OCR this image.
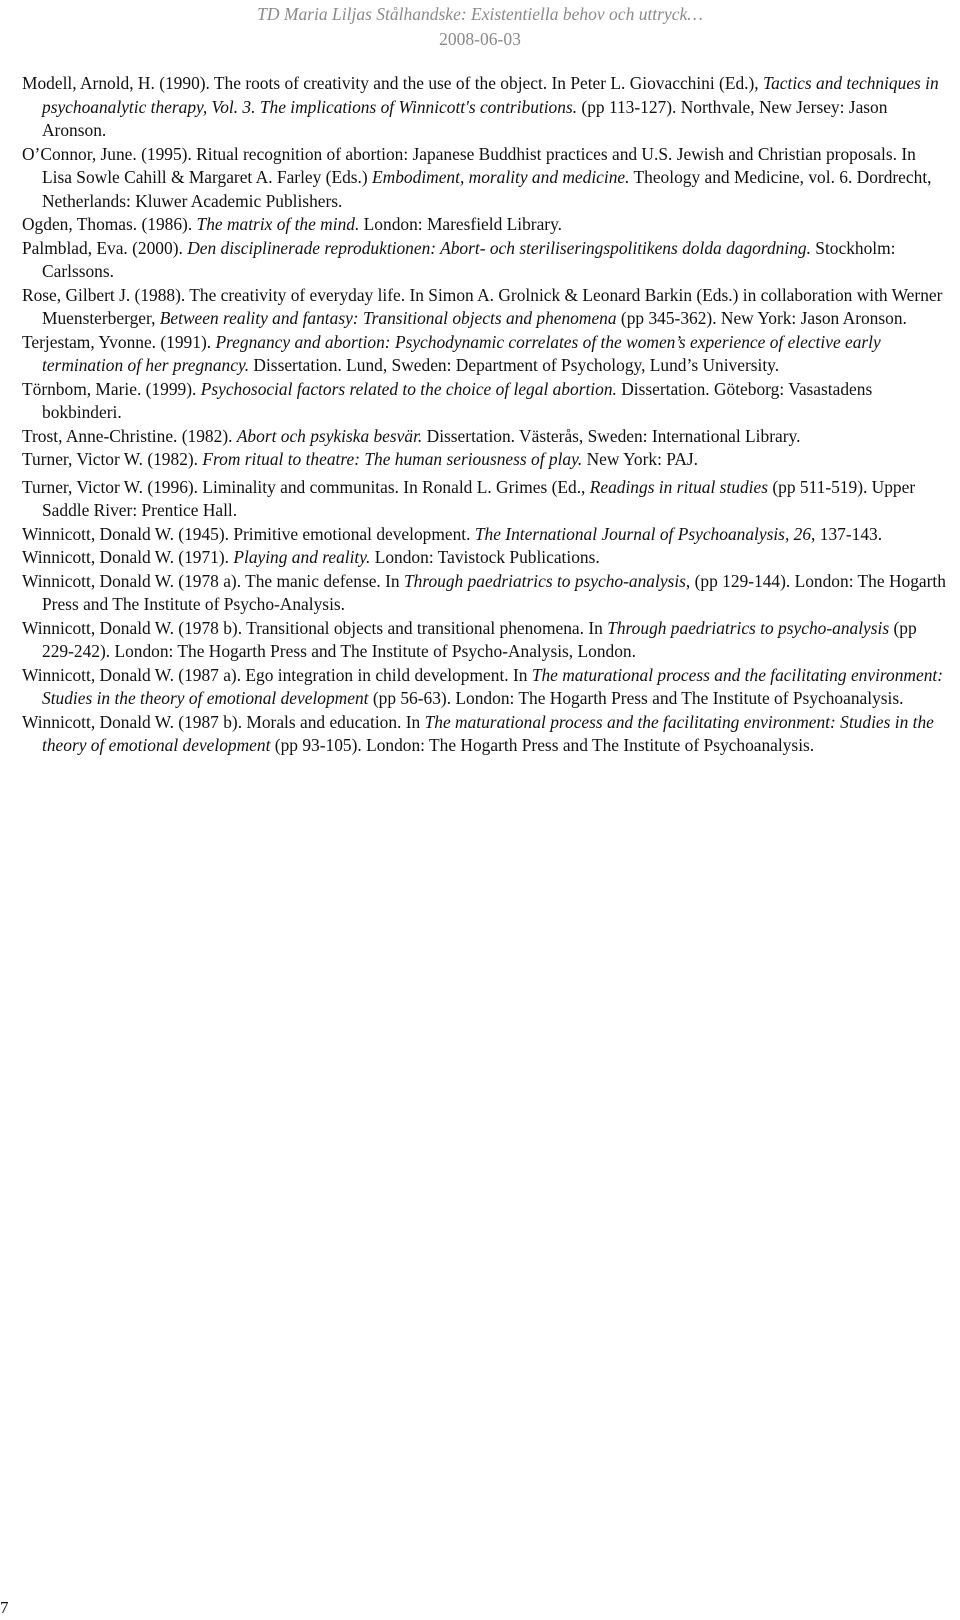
TD Maria Liljas Stålhandske: Existentiella behov och uttryck…
2008-06-03

Modell, Arnold, H. (1990). The roots of creativity and the use of the object. In Peter L. Giovacchini (Ed.), Tactics and techniques in psychoanalytic therapy, Vol. 3. The implications of Winnicott's contributions. (pp 113-127). Northvale, New Jersey: Jason Aronson.

O’Connor, June. (1995). Ritual recognition of abortion: Japanese Buddhist practices and U.S. Jewish and Christian proposals. In Lisa Sowle Cahill & Margaret A. Farley (Eds.) Embodiment, morality and medicine. Theology and Medicine, vol. 6. Dordrecht, Netherlands: Kluwer Academic Publishers.

Ogden, Thomas. (1986). The matrix of the mind. London: Maresfield Library.

Palmblad, Eva. (2000). Den disciplinerade reproduktionen: Abort- och steriliseringspolitikens dolda dagordning. Stockholm: Carlssons.

Rose, Gilbert J. (1988). The creativity of everyday life. In Simon A. Grolnick & Leonard Barkin (Eds.) in collaboration with Werner Muensterberger, Between reality and fantasy: Transitional objects and phenomena (pp 345-362). New York: Jason Aronson.

Terjestam, Yvonne. (1991). Pregnancy and abortion: Psychodynamic correlates of the women’s experience of elective early termination of her pregnancy. Dissertation. Lund, Sweden: Department of Psychology, Lund’s University.

Törnbom, Marie. (1999). Psychosocial factors related to the choice of legal abortion. Dissertation. Göteborg: Vasastadens bokbinderi.

Trost, Anne-Christine. (1982). Abort och psykiska besvär. Dissertation. Västerås, Sweden: International Library.

Turner, Victor W. (1982). From ritual to theatre: The human seriousness of play. New York: PAJ.

Turner, Victor W. (1996). Liminality and communitas. In Ronald L. Grimes (Ed., Readings in ritual studies (pp 511-519). Upper Saddle River: Prentice Hall.

Winnicott, Donald W. (1945). Primitive emotional development. The International Journal of Psychoanalysis, 26, 137-143.

Winnicott, Donald W. (1971). Playing and reality. London: Tavistock Publications.

Winnicott, Donald W. (1978 a). The manic defense. In Through paedriatrics to psycho-analysis, (pp 129-144). London: The Hogarth Press and The Institute of Psycho-Analysis.

Winnicott, Donald W. (1978 b). Transitional objects and transitional phenomena. In Through paedriatrics to psycho-analysis (pp 229-242). London: The Hogarth Press and The Institute of Psycho-Analysis, London.

Winnicott, Donald W. (1987 a). Ego integration in child development. In The maturational process and the facilitating environment: Studies in the theory of emotional development (pp 56-63). London: The Hogarth Press and The Institute of Psychoanalysis.

Winnicott, Donald W. (1987 b). Morals and education. In The maturational process and the facilitating environment: Studies in the theory of emotional development (pp 93-105). London: The Hogarth Press and The Institute of Psychoanalysis.

7
